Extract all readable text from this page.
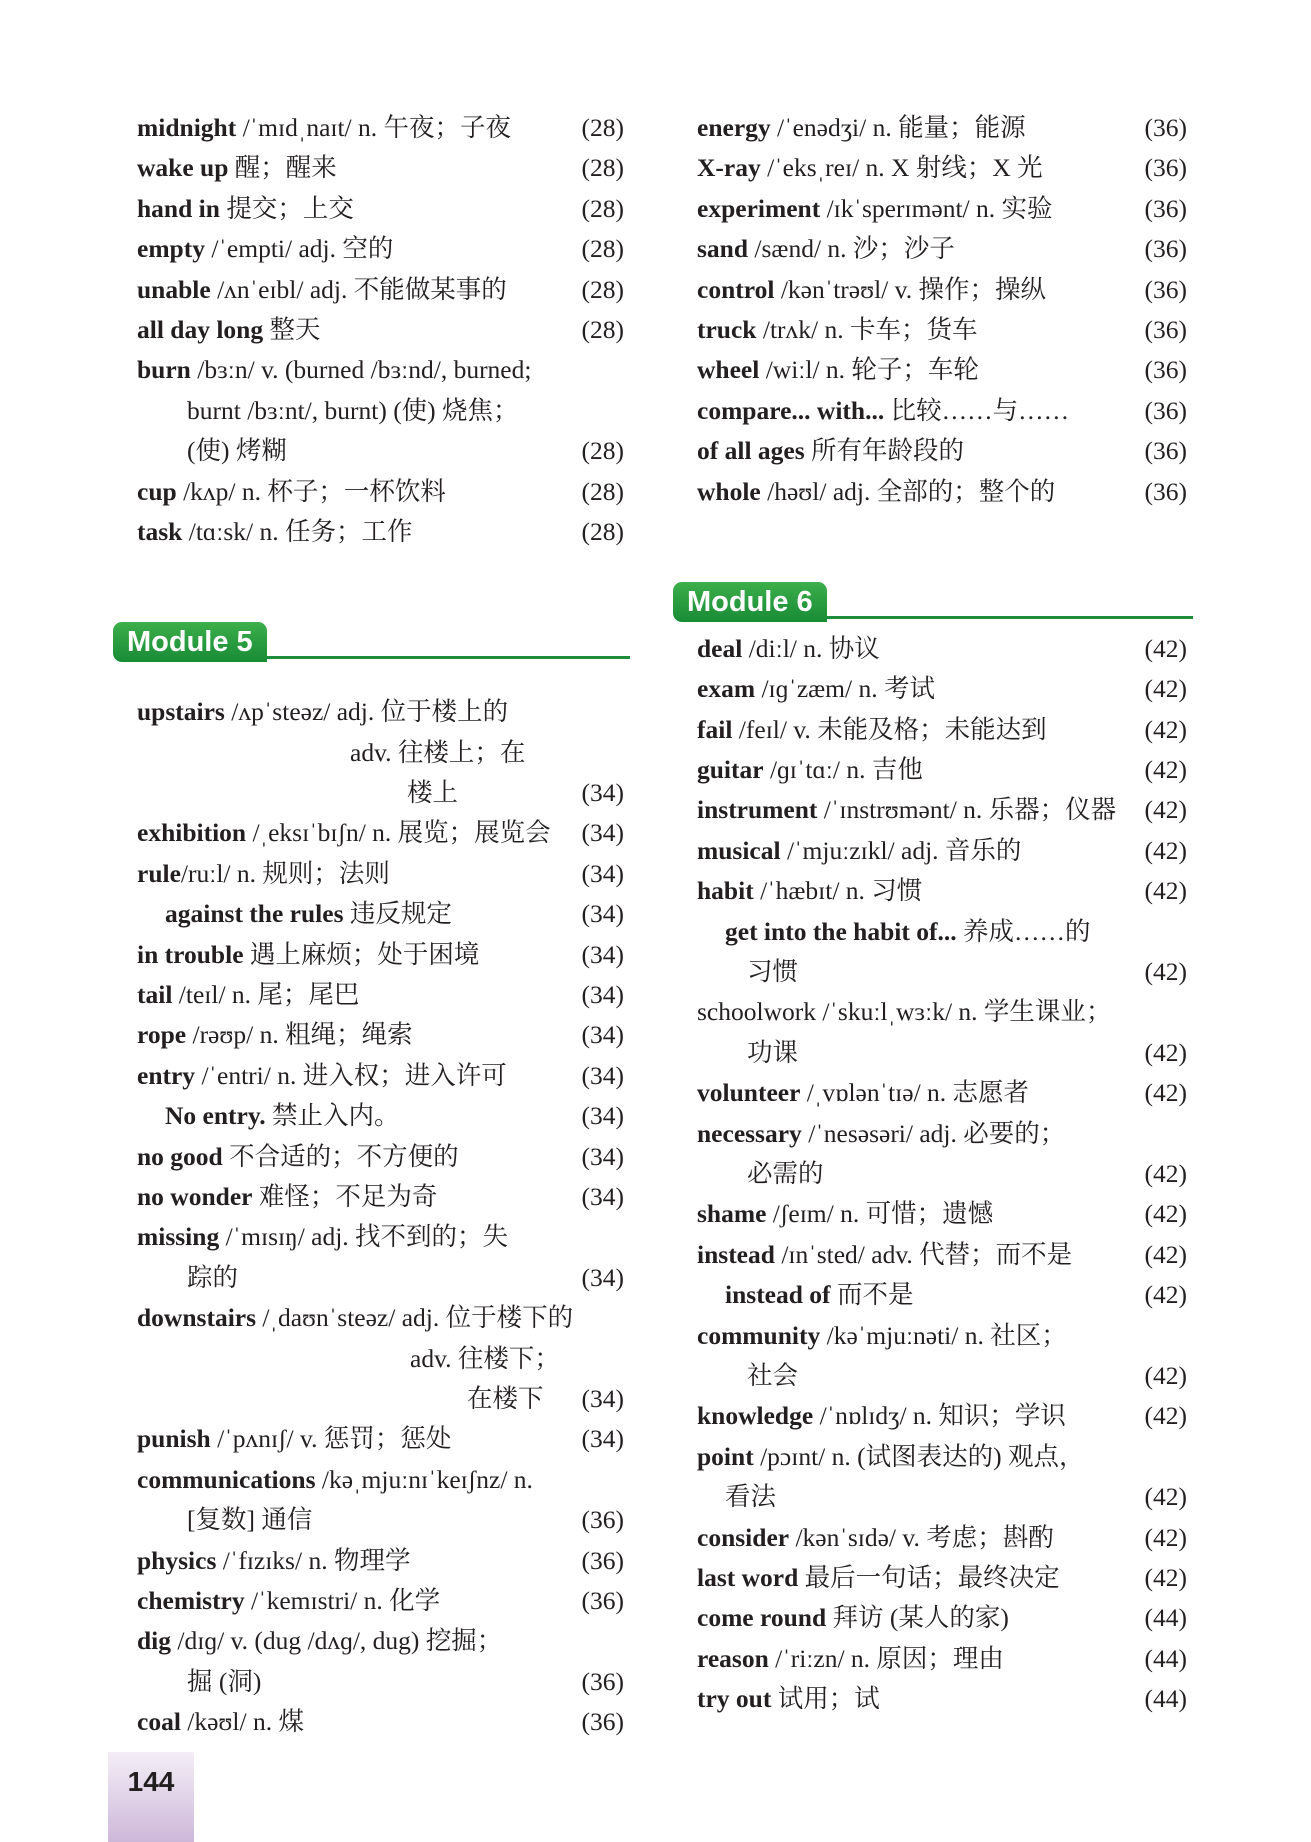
midnight /ˈmɪdˌnaɪt/ n. 午夜；子夜	(28)
wake up 醒；醒来	(28)
hand in 提交；上交	(28)
empty /ˈempti/ adj. 空的	(28)
unable /ʌnˈeɪbl/ adj. 不能做某事的	(28)
all day long 整天	(28)
burn /bɜːn/ v. (burned /bɜːnd/, burned;
burnt /bɜːnt/, burnt) (使) 烧焦；
(使) 烤糊	(28)
cup /kʌp/ n. 杯子；一杯饮料	(28)
task /tɑːsk/ n. 任务；工作	(28)
Module 5
upstairs /ʌpˈsteəz/ adj. 位于楼上的
adv. 往楼上；在
楼上	(34)
exhibition /ˌeksɪˈbɪʃn/ n. 展览；展览会 (34)
rule/ruːl/ n. 规则；法则	(34)
against the rules 违反规定	(34)
in trouble 遇上麻烦；处于困境	(34)
tail /teɪl/ n. 尾；尾巴	(34)
rope /rəʊp/ n. 粗绳；绳索	(34)
entry /ˈentri/ n. 进入权；进入许可	(34)
No entry. 禁止入内。	(34)
no good 不合适的；不方便的	(34)
no wonder 难怪；不足为奇	(34)
missing /ˈmɪsɪŋ/ adj. 找不到的；失
踪的	(34)
downstairs /ˌdaʊnˈsteəz/ adj. 位于楼下的
adv. 往楼下；
在楼下 (34)
punish /ˈpʌnɪʃ/ v. 惩罚；惩处	(34)
communications /kəˌmjuːnɪˈkeɪʃnz/ n.
[复数] 通信	(36)
physics /ˈfɪzɪks/ n. 物理学	(36)
chemistry /ˈkemɪstri/ n. 化学	(36)
dig /dɪɡ/ v. (dug /dʌɡ/, dug) 挖掘；
掘 (洞)	(36)
coal /kəʊl/ n. 煤	(36)
energy /ˈenədʒi/ n. 能量；能源	(36)
X-ray /ˈeksˌreɪ/ n. X 射线；X 光	(36)
experiment /ɪkˈsperɪmənt/ n. 实验	(36)
sand /sænd/ n. 沙；沙子	(36)
control /kənˈtrəʊl/ v. 操作；操纵	(36)
truck /trʌk/ n. 卡车；货车	(36)
wheel /wiːl/ n. 轮子；车轮	(36)
compare... with... 比较……与……	(36)
of all ages 所有年龄段的	(36)
whole /həʊl/ adj. 全部的；整个的	(36)
Module 6
deal /diːl/ n. 协议	(42)
exam /ɪɡˈzæm/ n. 考试	(42)
fail /feɪl/ v. 未能及格；未能达到	(42)
guitar /ɡɪˈtɑː/ n. 吉他	(42)
instrument /ˈɪnstrʊmənt/ n. 乐器；仪器 (42)
musical /ˈmjuːzɪkl/ adj. 音乐的	(42)
habit /ˈhæbɪt/ n. 习惯	(42)
get into the habit of... 养成……的
习惯	(42)
schoolwork /ˈskuːlˌwɜːk/ n. 学生课业；
功课	(42)
volunteer /ˌvɒlənˈtɪə/ n. 志愿者	(42)
necessary /ˈnesəsəri/ adj. 必要的；
必需的	(42)
shame /ʃeɪm/ n. 可惜；遗憾	(42)
instead /ɪnˈsted/ adv. 代替；而不是	(42)
instead of 而不是	(42)
community /kəˈmjuːnəti/ n. 社区；
社会	(42)
knowledge /ˈnɒlɪdʒ/ n. 知识；学识	(42)
point /pɔɪnt/ n. (试图表达的) 观点，
看法	(42)
consider /kənˈsɪdə/ v. 考虑；斟酌	(42)
last word 最后一句话；最终决定	(42)
come round 拜访 (某人的家)	(44)
reason /ˈriːzn/ n. 原因；理由	(44)
try out 试用；试	(44)
144
